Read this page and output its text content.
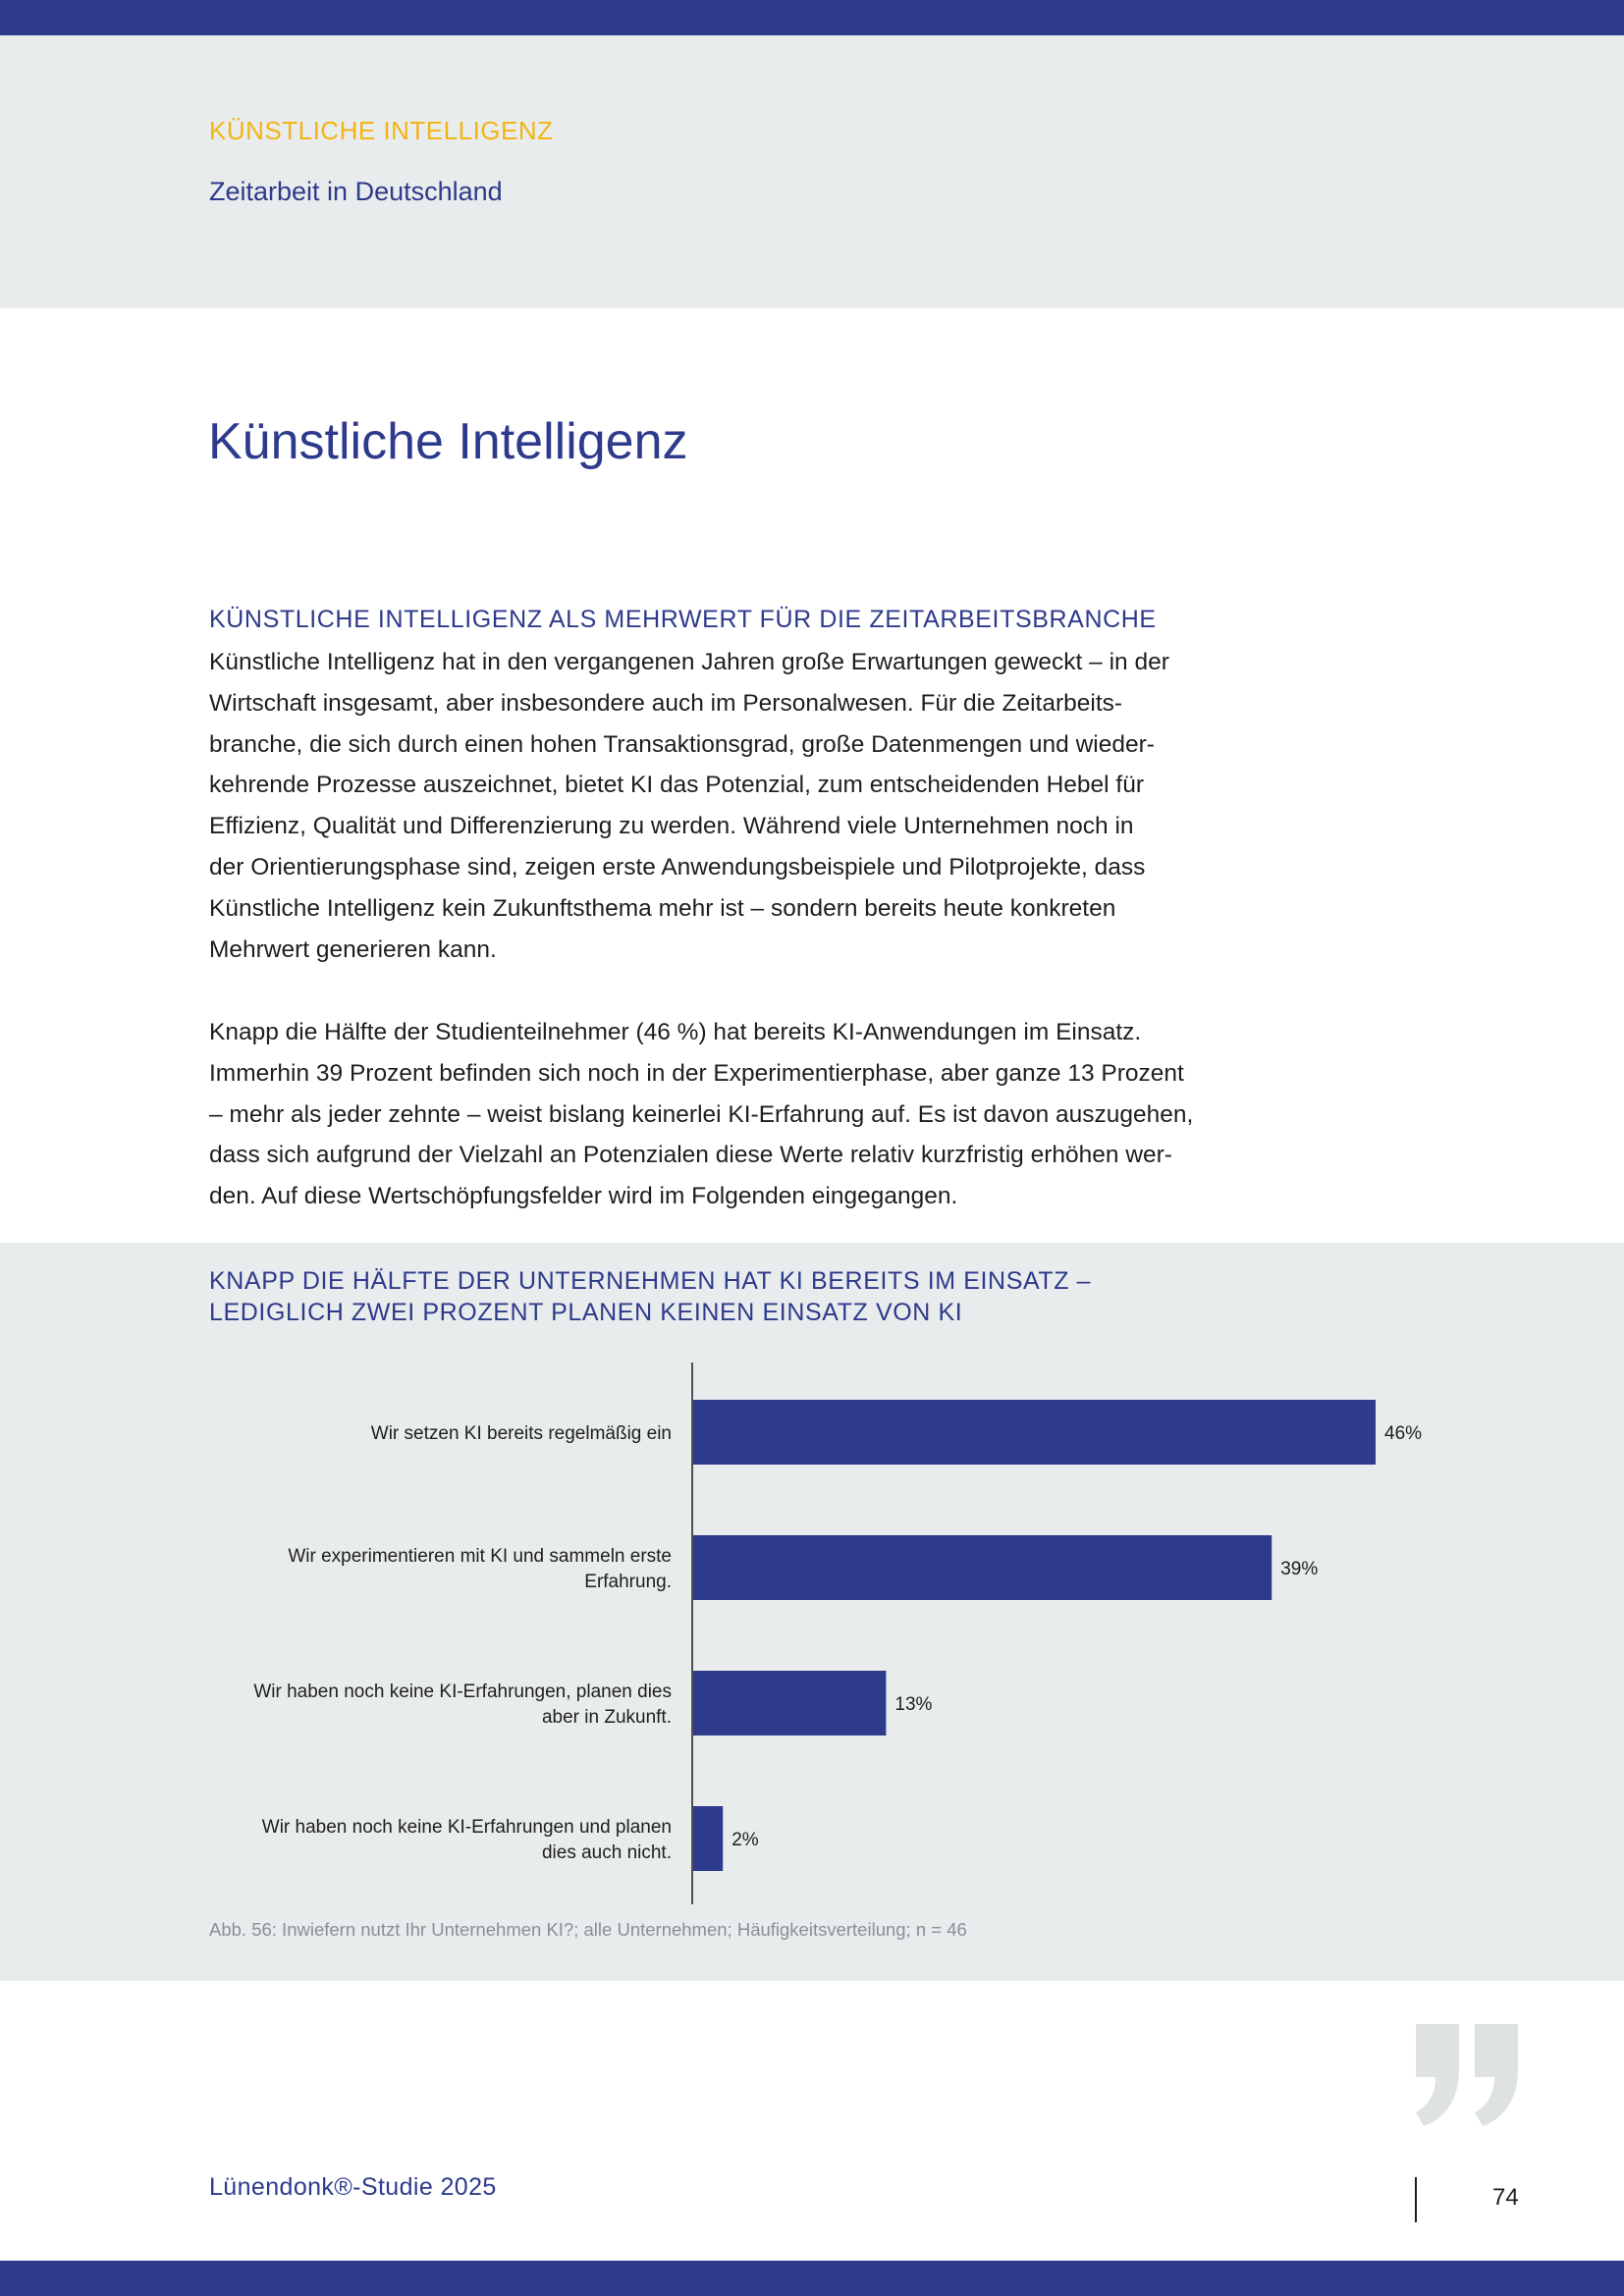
KÜNSTLICHE INTELLIGENZ
Zeitarbeit in Deutschland
Künstliche Intelligenz
KÜNSTLICHE INTELLIGENZ ALS MEHRWERT FÜR DIE ZEITARBEITSBRANCHE

Künstliche Intelligenz hat in den vergangenen Jahren große Erwartungen geweckt – in der
Wirtschaft insgesamt, aber insbesondere auch im Personalwesen. Für die Zeitarbeits-
branche, die sich durch einen hohen Transaktionsgrad, große Datenmengen und wieder-
kehrende Prozesse auszeichnet, bietet KI das Potenzial, zum entscheidenden Hebel für
Effizienz, Qualität und Differenzierung zu werden. Während viele Unternehmen noch in
der Orientierungsphase sind, zeigen erste Anwendungsbeispiele und Pilotprojekte, dass
Künstliche Intelligenz kein Zukunftsthema mehr ist – sondern bereits heute konkreten
Mehrwert generieren kann.

Knapp die Hälfte der Studienteilnehmer (46 %) hat bereits KI-Anwendungen im Einsatz.
Immerhin 39 Prozent befinden sich noch in der Experimentierphase, aber ganze 13 Prozent
– mehr als jeder zehnte – weist bislang keinerlei KI-Erfahrung auf. Es ist davon auszugehen,
dass sich aufgrund der Vielzahl an Potenzialen diese Werte relativ kurzfristig erhöhen wer-
den. Auf diese Wertschöpfungsfelder wird im Folgenden eingegangen.

KNAPP DIE HÄLFTE DER UNTERNEHMEN HAT KI BEREITS IM EINSATZ –
LEDIGLICH ZWEI PROZENT PLANEN KEINEN EINSATZ VON KI
46%
Wir setzen KI bereits regelmäßig ein
39%
Wir experimentieren mit KI und sammeln erste
Erfahrung.
13%
Wir haben noch keine KI-Erfahrungen, planen dies
aber in Zukunft.
2%
Wir haben noch keine KI-Erfahrungen und planen
dies auch nicht.
Abb. 56: Inwiefern nutzt Ihr Unternehmen KI?; alle Unternehmen; Häufigkeitsverteilung; n = 46
Lünendonk®-Studie 2025	74
